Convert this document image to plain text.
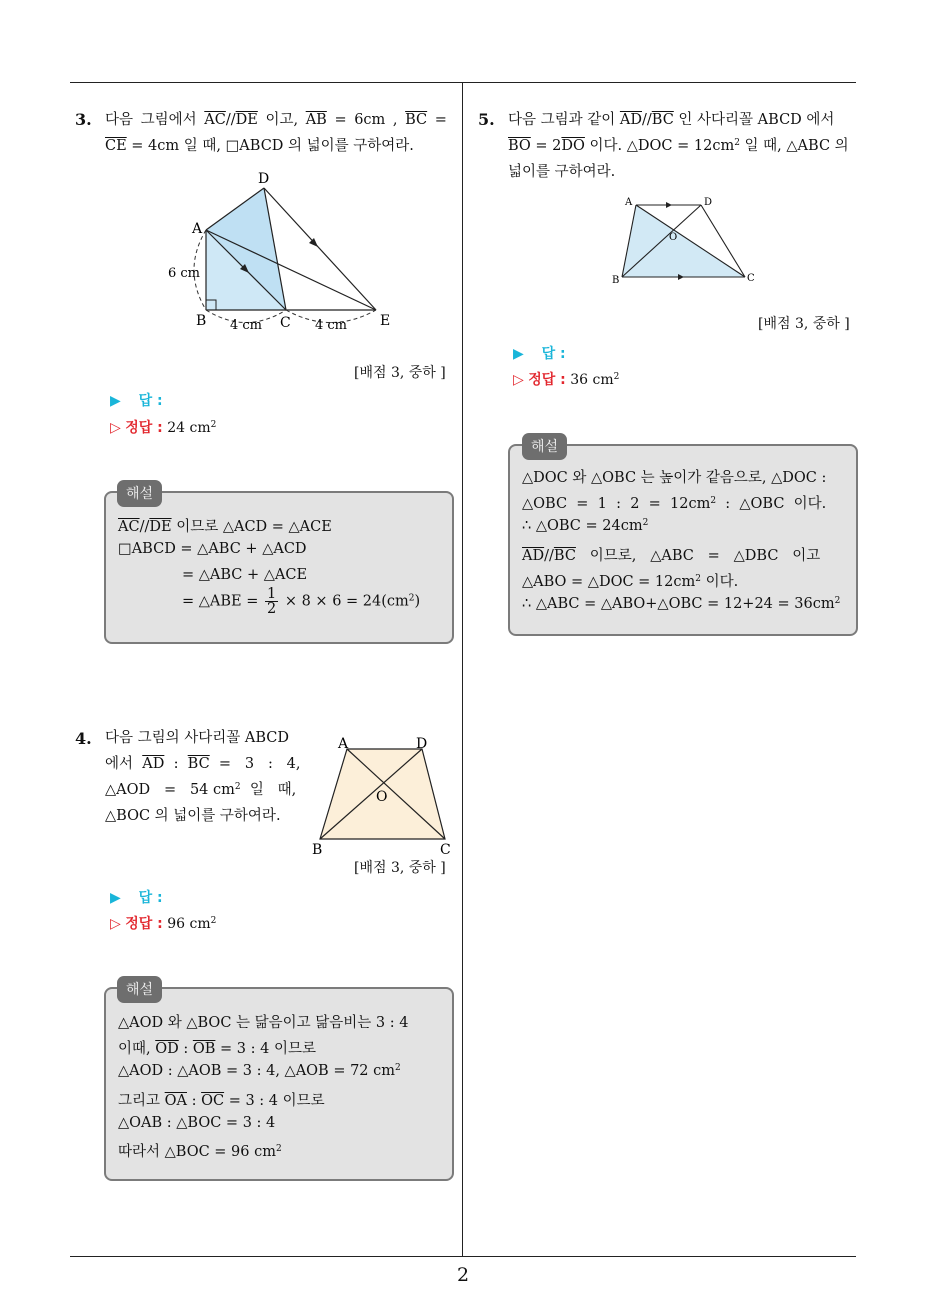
2
3. 다음 그림에서 $\overline{AC}//\overline{DE}$ 이고, $\overline{AB} = 6cm$ , $\overline{BC}$ =
$\overline{CE} = 4cm$ 일 때, □ABCD 의 넓이를 구하여라.
D
A
B	C	E
6 cm
4 cm	4 cm
[배점 3, 중하 ]
▶ 답 :
▷ 정답 : 24 $cm^2$
$\overline{AC}//\overline{DE}$ 이므로 △ACD = △ACE
□ABCD = △ABC + △ACD
= △ABC + △ACE
= △ABE = $\frac{1}{2} \times 8 \times 6 = 24(cm^2)$
해설
4. 다음 그림의 사다리꼴 ABCD
에서 $\overline{AD}$ : $\overline{BC} = 3$   :   4,
△AOD   =   54 $cm^2$  일   때,
△BOC 의 넓이를 구하여라.
A	D
O
B	C
[배점 3, 중하 ]
▶ 답 :
▷ 정답 : 96 $cm^2$
△AOD 와 △BOC 는 닮음이고 닮음비는 3 : 4
이때, $\overline{OD}$ : $\overline{OB} = 3$ : 4 이므로
△AOD : △AOB = 3 : 4, △AOB = 72 $cm^2$
그리고 $\overline{OA}$ : $\overline{OC} = 3$ : 4 이므로
△OAB : △BOC = 3 : 4
따라서 △BOC = 96 $cm^2$
해설
5. 다음 그림과 같이 $\overline{AD}//\overline{BC}$ 인 사다리꼴 ABCD 에서
$\overline{BO} = 2\overline{DO}$ 이다. △DOC = $12cm^2$ 일 때, △ABC 의
넓이를 구하여라.
A	D
O
B	C
[배점 3, 중하 ]
▶ 답 :
▷ 정답 : 36 $cm^2$
△DOC 와 △OBC 는 높이가 같음으로, △DOC :
△OBC  =  1  :  $2 = 12cm^2$  :  △OBC  이다.
∴ △OBC = $24cm^2$
$\overline{AD}//\overline{BC}$ 이므로,   △ABC   =   △DBC   이고
△ABO = △DOC = $12cm^2$ 이다.
∴ △ABC = △ABO+△OBC = $12+24 = 36cm^2$
해설
